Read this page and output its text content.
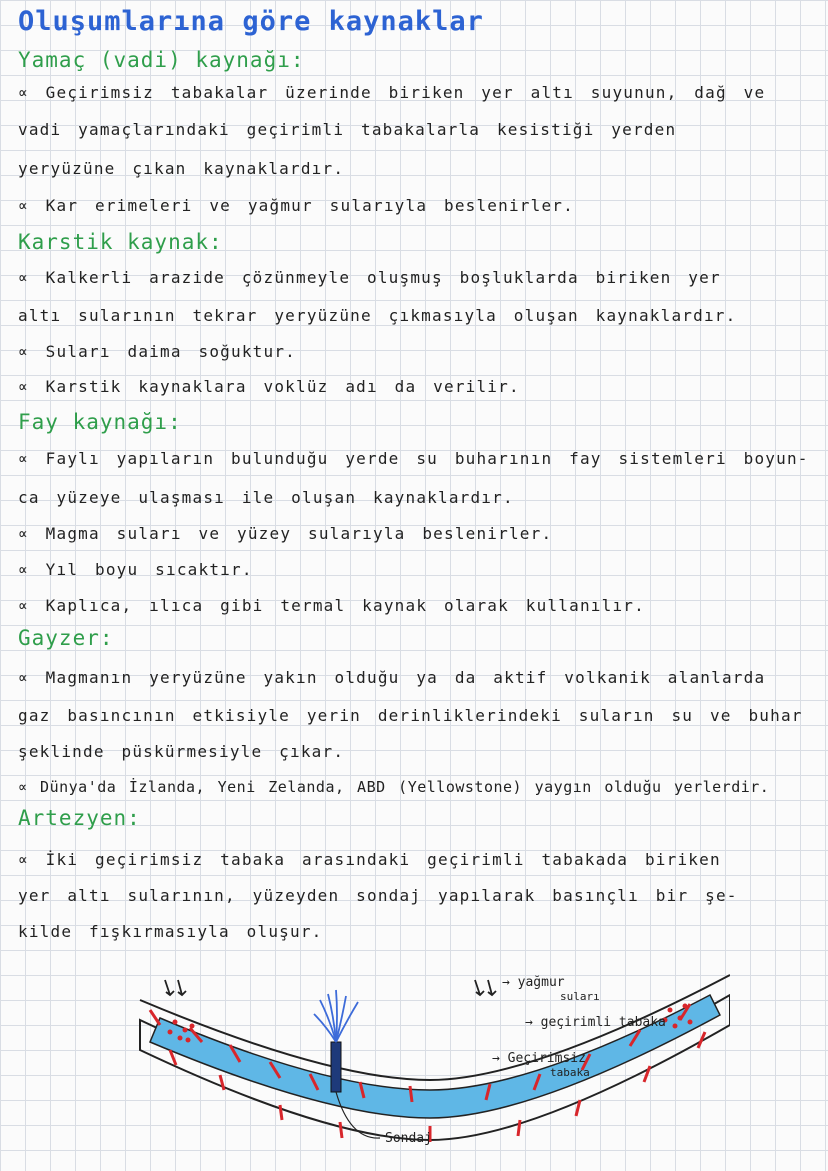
Oluşumlarına göre kaynaklar
Yamaç (vadi) kaynağı:
∝ Geçirimsiz tabakalar üzerinde biriken yer altı suyunun, dağ ve
vadi yamaçlarındaki geçirimli tabakalarla kesistiği yerden
yeryüzüne çıkan kaynaklardır.
∝ Kar erimeleri ve yağmur sularıyla beslenirler.
Karstik kaynak:
∝ Kalkerli arazide çözünmeyle oluşmuş boşluklarda biriken yer
altı sularının tekrar yeryüzüne çıkmasıyla oluşan kaynaklardır.
∝ Suları daima soğuktur.
∝ Karstik kaynaklara voklüz adı da verilir.
Fay kaynağı:
∝ Faylı yapıların bulunduğu yerde su buharının fay sistemleri boyun-
ca yüzeye ulaşması ile oluşan kaynaklardır.
∝ Magma suları ve yüzey sularıyla beslenirler.
∝ Yıl boyu sıcaktır.
∝ Kaplıca, ılıca gibi termal kaynak olarak kullanılır.
Gayzer:
∝ Magmanın yeryüzüne yakın olduğu ya da aktif volkanik alanlarda
gaz basıncının etkisiyle yerin derinliklerindeki suların su ve buhar
şeklinde püskürmesiyle çıkar.
∝ Dünya'da İzlanda, Yeni Zelanda, ABD (Yellowstone) yaygın olduğu yerlerdir.
Artezyen:
∝ İki geçirimsiz tabaka arasındaki geçirimli tabakada biriken
yer altı sularının, yüzeyden sondaj yapılarak basınçlı bir şe-
kilde fışkırmasıyla oluşur.
Sondaj
→ yağmur
suları
→ geçirimli tabaka
→ Geçirimsiz
tabaka
